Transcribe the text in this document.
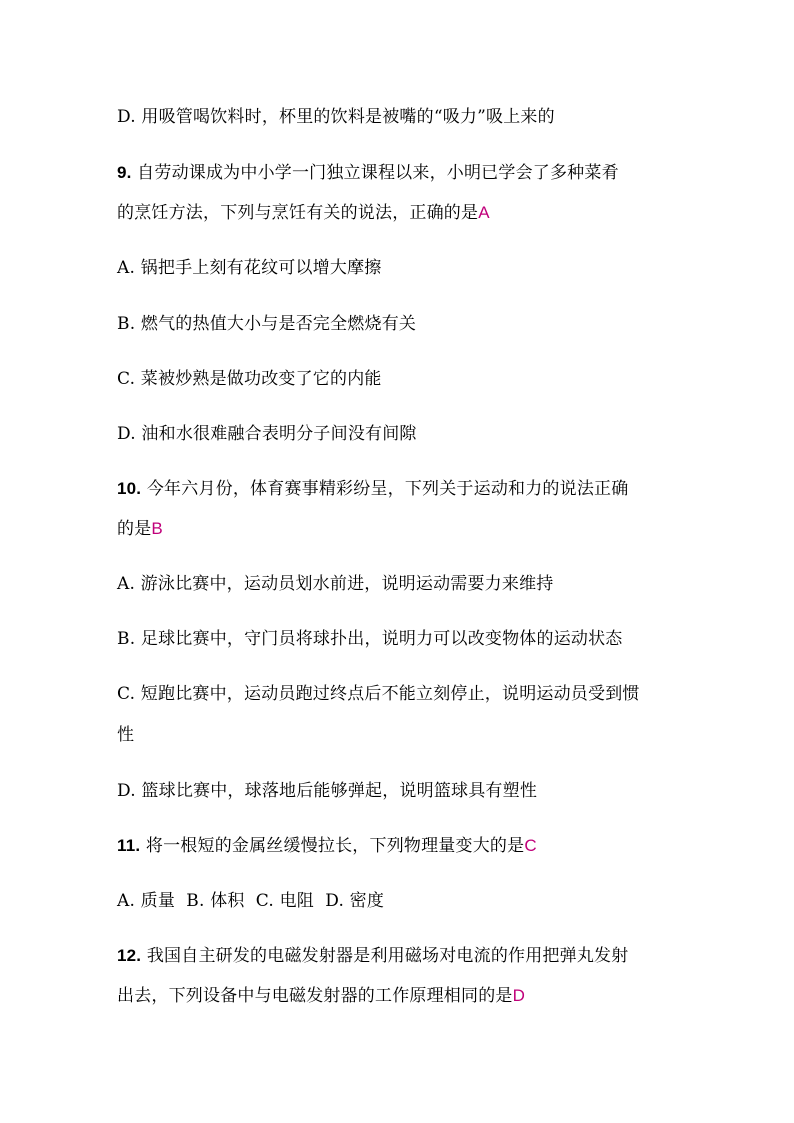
D. 用吸管喝饮料时，杯里的饮料是被嘴的“吸力”吸上来的
9. 自劳动课成为中小学一门独立课程以来，小明已学会了多种菜肴
的烹饪方法，下列与烹饪有关的说法，正确的是A
A. 锅把手上刻有花纹可以增大摩擦
B. 燃气的热值大小与是否完全燃烧有关
C. 菜被炒熟是做功改变了它的内能
D. 油和水很难融合表明分子间没有间隙
10. 今年六月份，体育赛事精彩纷呈，下列关于运动和力的说法正确
的是B
A. 游泳比赛中，运动员划水前进，说明运动需要力来维持
B. 足球比赛中，守门员将球扑出，说明力可以改变物体的运动状态
C. 短跑比赛中，运动员跑过终点后不能立刻停止，说明运动员受到惯
性
D. 篮球比赛中，球落地后能够弹起，说明篮球具有塑性
11. 将一根短的金属丝缓慢拉长，下列物理量变大的是C
A. 质量  B. 体积  C. 电阻  D. 密度
12. 我国自主研发的电磁发射器是利用磁场对电流的作用把弹丸发射
出去，下列设备中与电磁发射器的工作原理相同的是D
